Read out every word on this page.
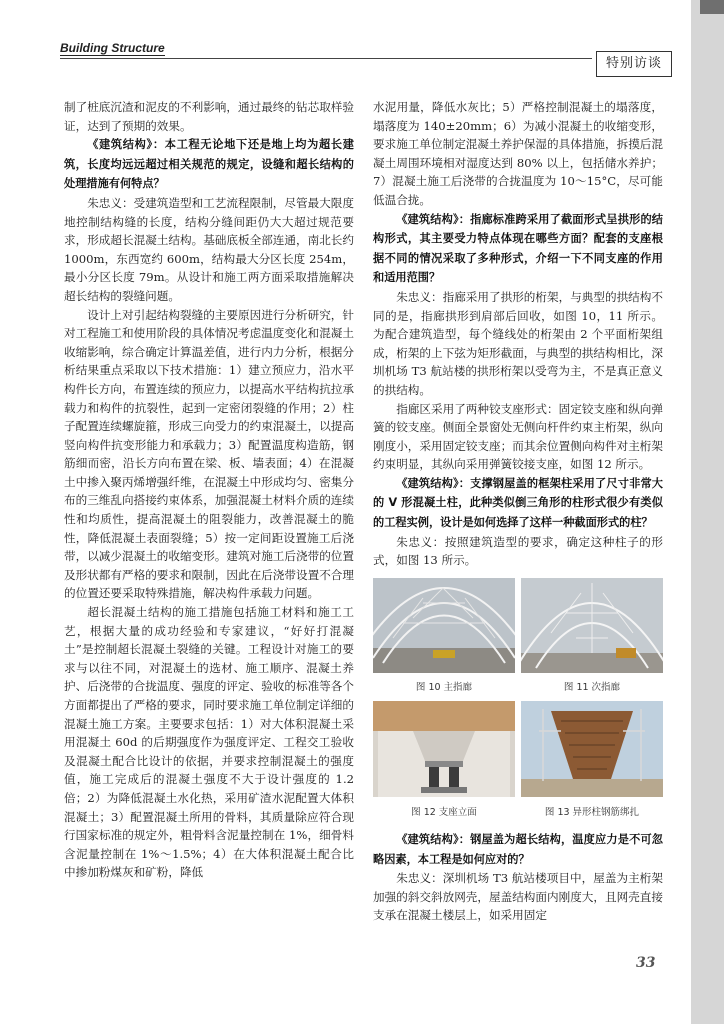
Building Structure
特别访谈

制了桩底沉渣和泥皮的不利影响，通过最终的钻芯取样验证，达到了预期的效果。

《建筑结构》：本工程无论地下还是地上均为超长建筑，长度均远远超过相关规范的规定，设缝和超长结构的处理措施有何特点？

朱忠义：受建筑造型和工艺流程限制，尽管最大限度地控制结构缝的长度，结构分缝间距仍大大超过规范要求，形成超长混凝土结构。基础底板全部连通，南北长约 1000m，东西宽约 600m，结构最大分区长度 254m，最小分区长度 79m。从设计和施工两方面采取措施解决超长结构的裂缝问题。

设计上对引起结构裂缝的主要原因进行分析研究，针对工程施工和使用阶段的具体情况考虑温度变化和混凝土收缩影响，综合确定计算温差值，进行内力分析，根据分析结果重点采取以下技术措施：1）建立预应力，沿水平构件长方向，布置连续的预应力，以提高水平结构抗拉承载力和构件的抗裂性，起到一定密闭裂缝的作用；2）柱子配置连续螺旋箍，形成三向受力的约束混凝土，以提高竖向构件抗变形能力和承载力；3）配置温度构造筋，钢筋细而密，沿长方向布置在梁、板、墙表面；4）在混凝土中掺入聚丙烯增强纤维，在混凝土中形成均匀、密集分布的三维乱向搭接约束体系，加强混凝土材料介质的连续性和均质性，提高混凝土的阻裂能力，改善混凝土的脆性，降低混凝土表面裂缝；5）按一定间距设置施工后浇带，以减少混凝土的收缩变形。建筑对施工后浇带的位置及形状都有严格的要求和限制，因此在后浇带设置不合理的位置还要采取特殊措施，解决构件承载力问题。

超长混凝土结构的施工措施包括施工材料和施工工艺，根据大量的成功经验和专家建议，“好好打混凝土”是控制超长混凝土裂缝的关键。工程设计对施工的要求与以往不同，对混凝土的选材、施工顺序、混凝土养护、后浇带的合拢温度、强度的评定、验收的标准等各个方面都提出了严格的要求，同时要求施工单位制定详细的混凝土施工方案。主要要求包括：1）对大体积混凝土采用混凝土 60d 的后期强度作为强度评定、工程交工验收及混凝土配合比设计的依据，并要求控制混凝土的强度值，施工完成后的混凝土强度不大于设计强度的 1.2 倍；2）为降低混凝土水化热，采用矿渣水泥配置大体积混凝土；3）配置混凝土所用的骨料，其质量除应符合现行国家标准的规定外，粗骨料含泥量控制在 1%，细骨料含泥量控制在 1%～1.5%；4）在大体积混凝土配合比中掺加粉煤灰和矿粉，降低

水泥用量，降低水灰比；5）严格控制混凝土的塌落度，塌落度为 140±20mm；6）为减小混凝土的收缩变形，要求施工单位制定混凝土养护保湿的具体措施，拆摸后混凝土周围环境相对湿度达到 80% 以上，包括储水养护；7）混凝土施工后浇带的合拢温度为 10～15°C，尽可能低温合拢。

《建筑结构》：指廊标准跨采用了截面形式呈拱形的结构形式，其主要受力特点体现在哪些方面？配套的支座根据不同的情况采取了多种形式，介绍一下不同支座的作用和适用范围？

朱忠义：指廊采用了拱形的桁架，与典型的拱结构不同的是，指廊拱形到肩部后回收，如图 10，11 所示。为配合建筑造型，每个缝线处的桁架由 2 个平面桁架组成，桁架的上下弦为矩形截面，与典型的拱结构相比，深圳机场 T3 航站楼的拱形桁架以受弯为主，不是真正意义的拱结构。

指廊区采用了两种铰支座形式：固定铰支座和纵向弹簧的铰支座。侧面全景窗处无侧向杆件约束主桁架，纵向刚度小，采用固定铰支座；而其余位置侧向构件对主桁架约束明显，其纵向采用弹簧铰接支座，如图 12 所示。

《建筑结构》：支撑钢屋盖的框架柱采用了尺寸非常大的 V 形混凝土柱，此种类似倒三角形的柱形式很少有类似的工程实例，设计是如何选择了这样一种截面形式的柱？

朱忠义：按照建筑造型的要求，确定这种柱子的形式，如图 13 所示。

图 10 主指廊	图 11 次指廊
图 12 支座立面	图 13 异形柱钢筋绑扎

《建筑结构》：钢屋盖为超长结构，温度应力是不可忽略因素，本工程是如何应对的？

朱忠义：深圳机场 T3 航站楼项目中，屋盖为主桁架加强的斜交斜放网壳，屋盖结构面内刚度大，且网壳直接支承在混凝土楼层上，如采用固定

33
